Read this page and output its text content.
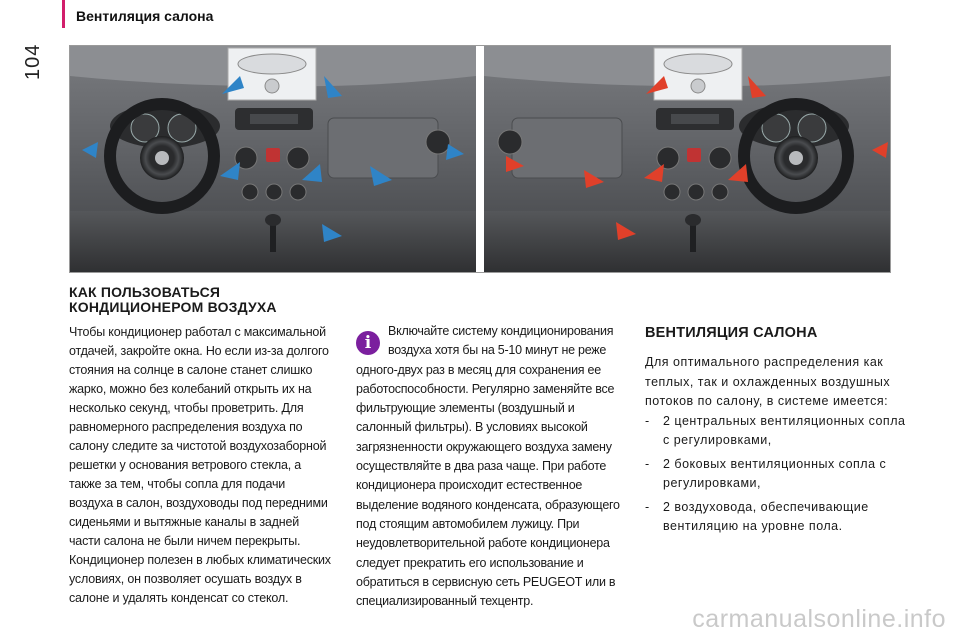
104
Вентиляция салона
КАК ПОЛЬЗОВАТЬСЯ
КОНДИЦИОНЕРОМ ВОЗДУХА
Чтобы кондиционер работал с максимальной отдачей, закройте окна. Но если из-за долгого стояния на солнце в салоне станет слишко жарко, можно без колебаний открыть их на несколько секунд, чтобы проветрить. Для равномерного распределения воздуха по салону следите за чистотой воздухозаборной решетки у основания ветрового стекла, а также за тем, чтобы сопла для подачи воздуха в салон, воздуховоды под передними сиденьями и вытяжные каналы в задней части салона не были ничем перекрыты. Кондиционер полезен в любых климатических условиях, он позволяет осушать воздух в салоне и удалять конденсат со стекол.
i
Включайте систему кондиционирования воздуха хотя бы на 5-10 минут не реже
одного-двух раз в месяц для сохранения ее работоспособности. Регулярно заменяйте все фильтрующие элементы (воздушный и салонный фильтры). В условиях высокой загрязненности окружающего воздуха замену осуществляйте в два раза чаще. При работе кондиционера происходит естественное выделение водяного конденсата, образующего под стоящим автомобилем лужицу. При неудовлетворительной работе кондиционера следует прекратить его использование и обратиться в сервисную сеть PEUGEOT или в специализированный техцентр.
ВЕНТИЛЯЦИЯ САЛОНА
Для оптимального распределения как теплых, так и охлажденных воздушных потоков по салону, в системе имеется:
- 2 центральных вентиляционных сопла с регулировками,
- 2 боковых вентиляционных сопла с регулировками,
- 2 воздуховода, обеспечивающие вентиляцию на уровне пола.
carmanualsonline.info
